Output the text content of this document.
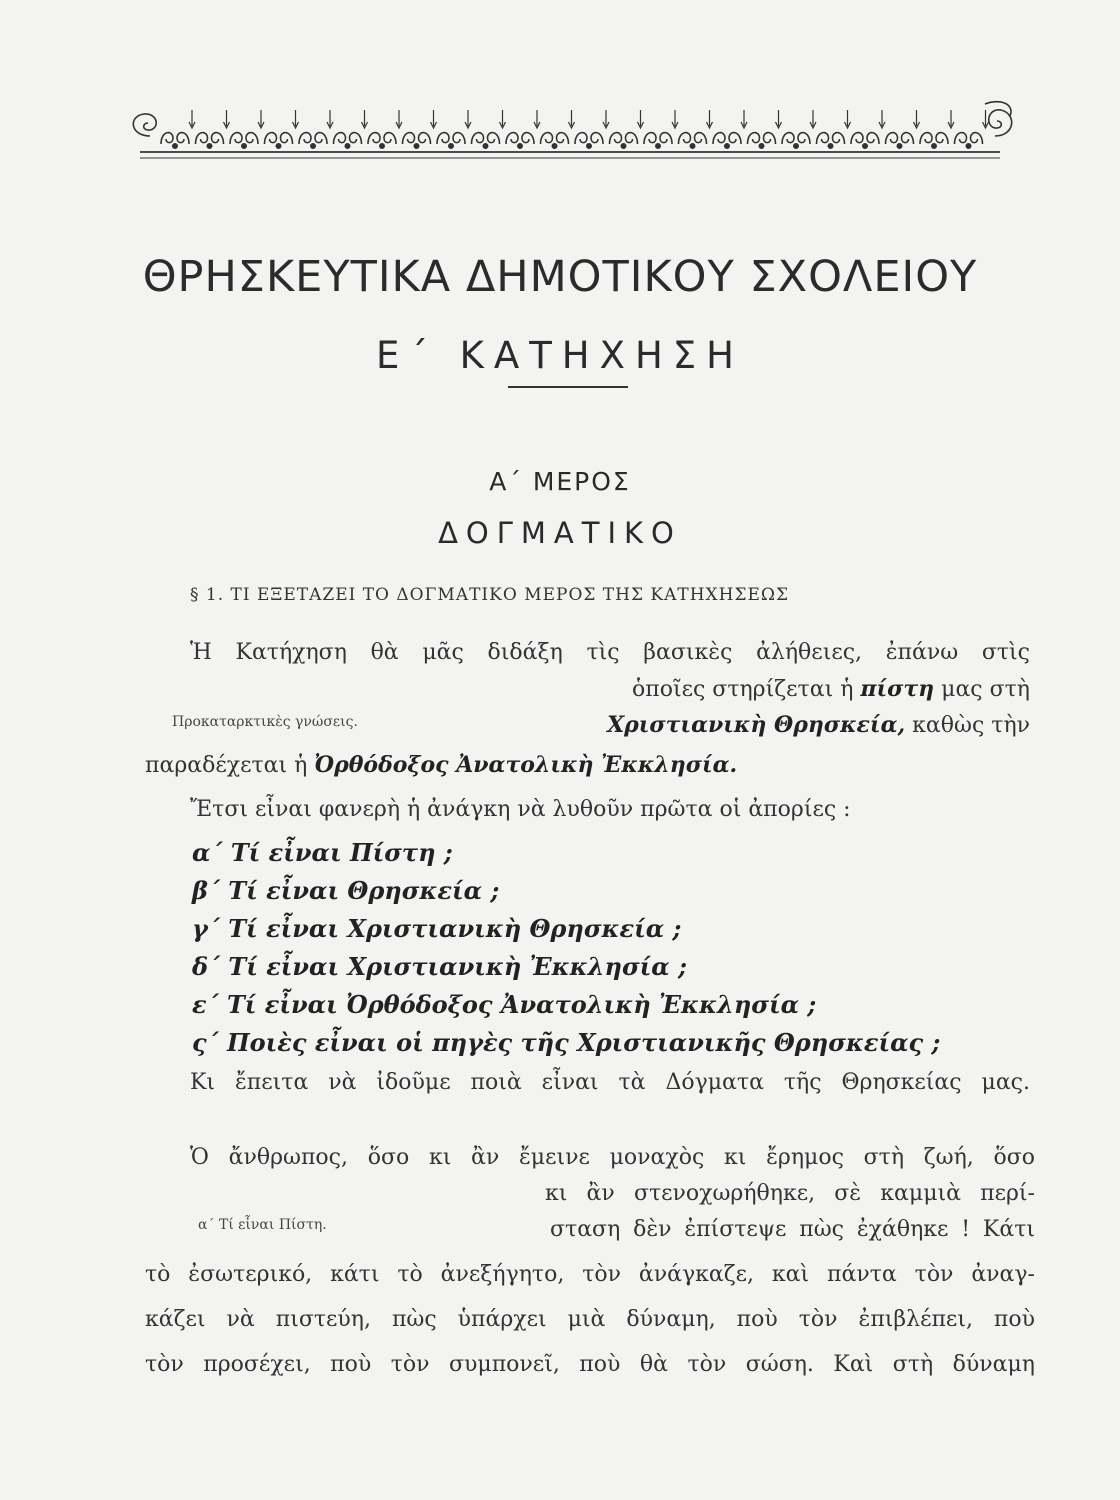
ΘΡΗΣΚΕΥΤΙΚΑ ΔΗΜΟΤΙΚΟΥ ΣΧΟΛΕΙΟΥ
Ε΄ ΚΑΤΗΧΗΣΗ
Α΄ ΜΕΡΟΣ
ΔΟΓΜΑΤΙΚΟ
§ 1. ΤΙ ΕΞΕΤΑΖΕΙ ΤΟ ΔΟΓΜΑΤΙΚΟ ΜΕΡΟΣ ΤΗΣ ΚΑΤΗΧΗΣΕΩΣ
Ἡ Κατήχηση θὰ μᾶς διδάξη τὶς βασικὲς ἀλήθειες, ἐπάνω στὶς
ὁποῖες στηρίζεται ἡ πίστη μας στὴ
Προκαταρκτικὲς γνώσεις.	Χριστιανικὴ Θρησκεία, καθὼς τὴν
παραδέχεται ἡ Ὀρθόδοξος Ἀνατολικὴ Ἐκκλησία.
Ἔτσι εἶναι φανερὴ ἡ ἀνάγκη νὰ λυθοῦν πρῶτα οἱ ἀπορίες :
α΄ Τί εἶναι Πίστη ;
β΄ Τί εἶναι Θρησκεία ;
γ΄ Τί εἶναι Χριστιανικὴ Θρησκεία ;
δ΄ Τί εἶναι Χριστιανικὴ Ἐκκλησία ;
ε΄ Τί εἶναι Ὀρθόδοξος Ἀνατολικὴ Ἐκκλησία ;
ς΄ Ποιὲς εἶναι οἱ πηγὲς τῆς Χριστιανικῆς Θρησκείας ;
Κι ἔπειτα νὰ ἰδοῦμε ποιὰ εἶναι τὰ Δόγματα τῆς Θρησκείας μας.
Ὁ ἄνθρωπος, ὅσο κι ἂν ἔμεινε μοναχὸς κι ἔρημος στὴ ζωή, ὅσο
κι ἂν στενοχωρήθηκε, σὲ καμμιὰ περί-
α΄ Τί εἶναι Πίστη.	σταση δὲν ἐπίστεψε πὼς ἐχάθηκε ! Κάτι
τὸ ἐσωτερικό, κάτι τὸ ἀνεξήγητο, τὸν ἀνάγκαζε, καὶ πάντα τὸν ἀναγ-
κάζει νὰ πιστεύη, πὼς ὑπάρχει μιὰ δύναμη, ποὺ τὸν ἐπιβλέπει, ποὺ
τὸν προσέχει, ποὺ τὸν συμπονεῖ, ποὺ θὰ τὸν σώση. Καὶ στὴ δύναμη
